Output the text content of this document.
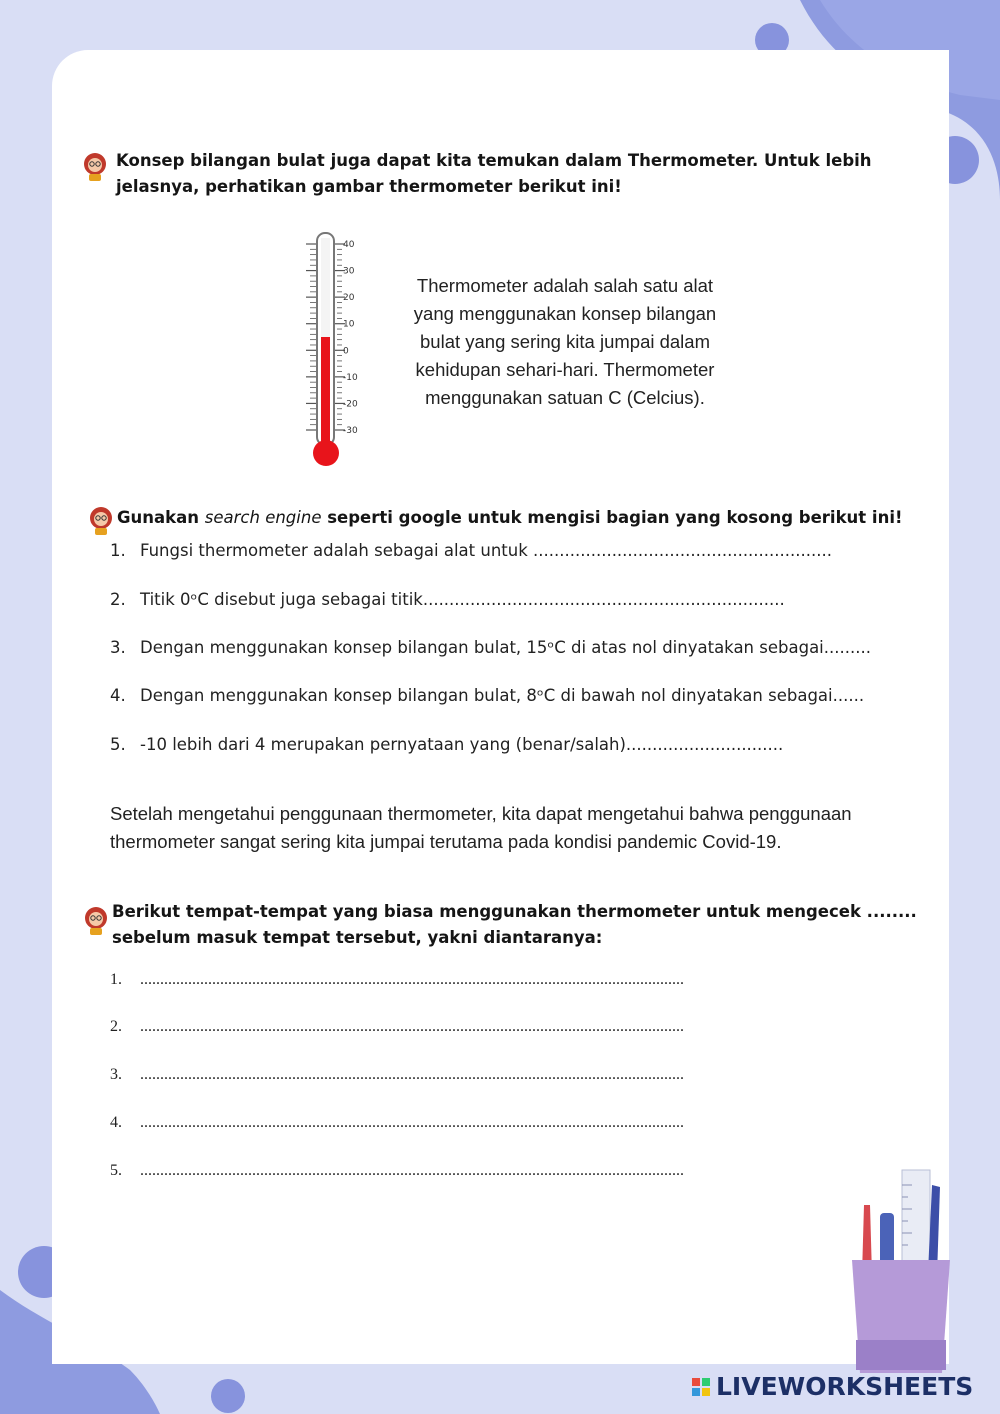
Konsep bilangan bulat juga dapat kita temukan dalam Thermometer. Untuk lebih
jelasnya, perhatikan gambar thermometer berikut ini!
40
30
20
10
0
-10
-20
-30
Thermometer adalah salah satu alat
yang menggunakan konsep bilangan
bulat yang sering kita jumpai dalam
kehidupan sehari-hari. Thermometer
menggunakan satuan C (Celcius).
Gunakan search engine seperti google untuk mengisi bagian yang kosong berikut ini!
1. Fungsi thermometer adalah sebagai alat untuk .........................................................
2. Titik 0ᵒC disebut juga sebagai titik.....................................................................
3. Dengan menggunakan konsep bilangan bulat, 15ᵒC di atas nol dinyatakan sebagai.........
4. Dengan menggunakan konsep bilangan bulat, 8ᵒC di bawah nol dinyatakan sebagai......
5. -10 lebih dari 4 merupakan pernyataan yang (benar/salah)..............................
Setelah mengetahui penggunaan thermometer, kita dapat mengetahui bahwa penggunaan
thermometer sangat sering kita jumpai terutama pada kondisi pandemic Covid-19.
Berikut tempat-tempat yang biasa menggunakan thermometer untuk mengecek ........
sebelum masuk tempat tersebut, yakni diantaranya:
1. ........................................................................................................................................
2. ........................................................................................................................................
3. ........................................................................................................................................
4. ........................................................................................................................................
5. ........................................................................................................................................
LIVEWORKSHEETS
